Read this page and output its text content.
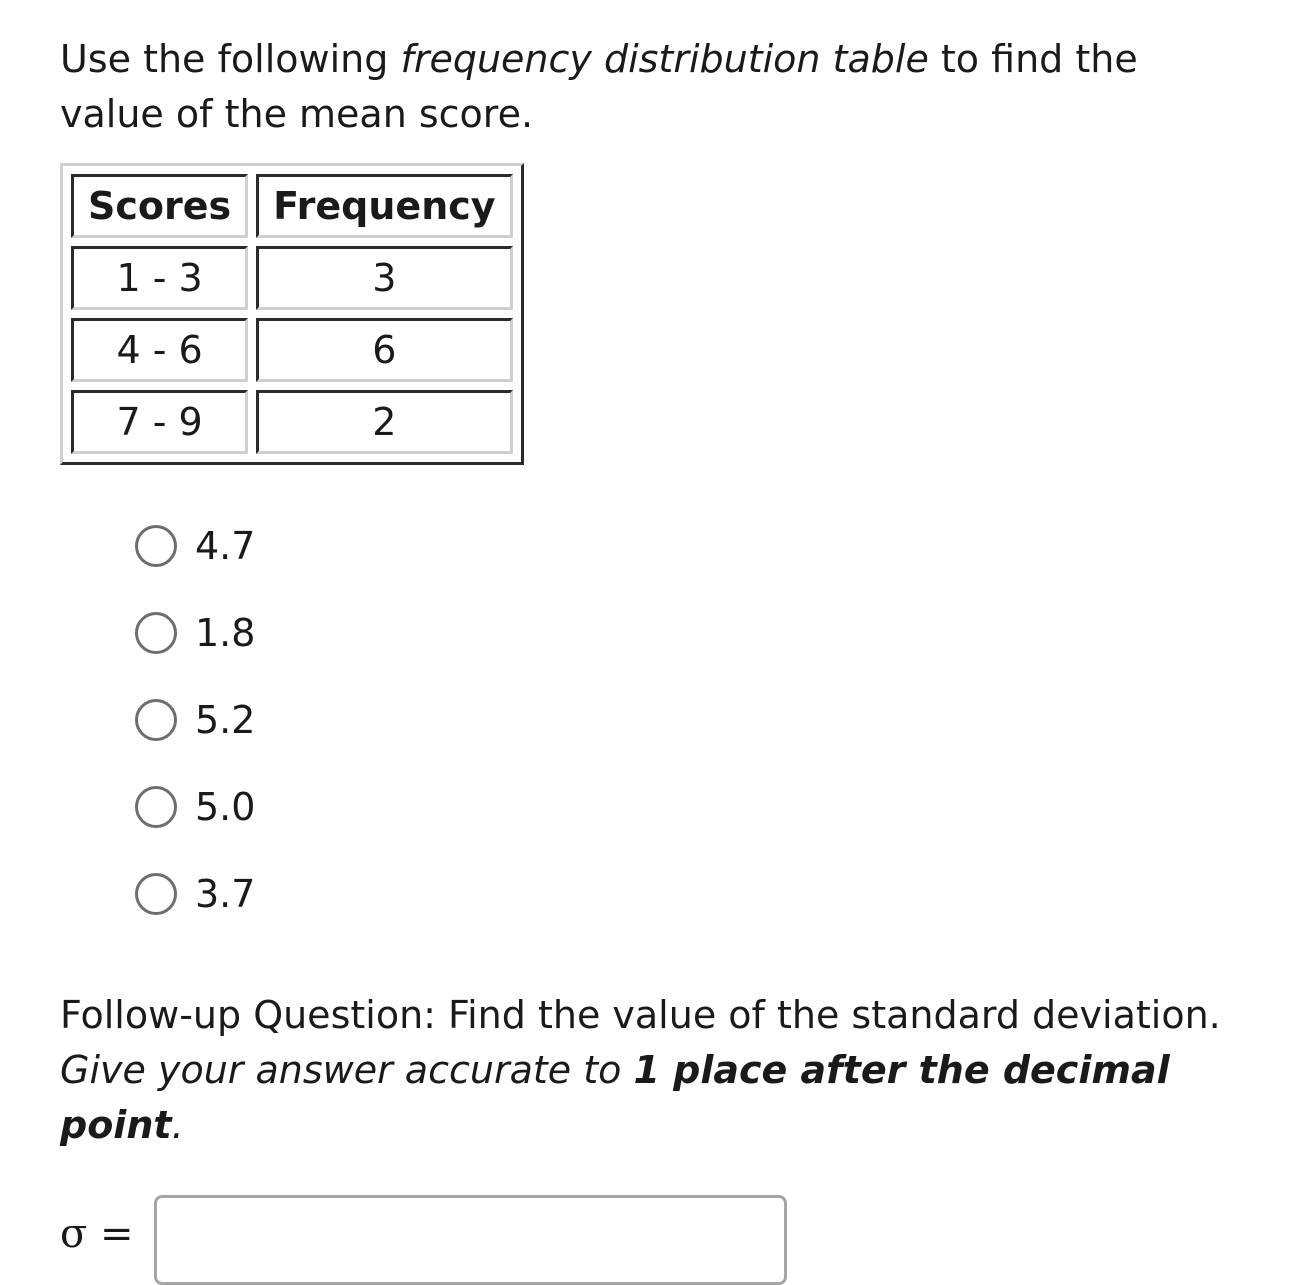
Use the following frequency distribution table to find the value of the mean score.

Scores	Frequency
1 - 3	3
4 - 6	6
7 - 9	2
4.7
1.8
5.2
5.0
3.7

Follow-up Question: Find the value of the standard deviation.
Give your answer accurate to 1 place after the decimal point.

σ =
